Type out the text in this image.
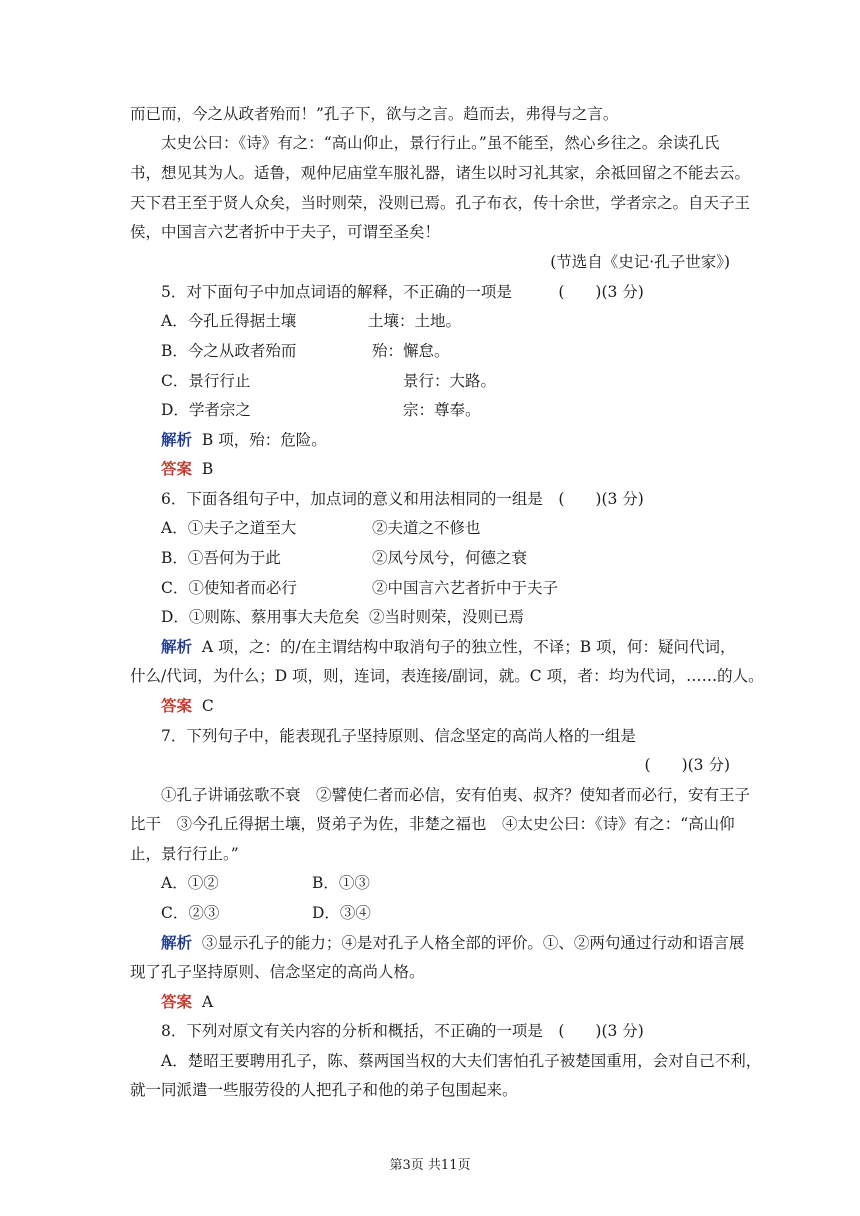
而已而，今之从政者殆而！”孔子下，欲与之言。趋而去，弗得与之言。
太史公曰：《诗》有之：“高山仰止，景行行止。”虽不能至，然心乡往之。余读孔氏
书，想见其为人。适鲁，观仲尼庙堂车服礼器，诸生以时习礼其家，余祗回留之不能去云。
天下君王至于贤人众矣，当时则荣，没则已焉。孔子布衣，传十余世，学者宗之。自天子王
侯，中国言六艺者折中于夫子，可谓至圣矣！
(节选自《史记·孔子世家》)
5．对下面句子中加点词语的解释，不正确的一项是　　　(　　)(3 分)
A．今孔丘得据土壤	土壤：土地。
B．今之从政者殆而	殆：懈怠。
C．景行行止	景行：大路。
D．学者宗之	宗：尊奉。
解析 B 项，殆：危险。
答案 B
6．下面各组句子中，加点词的意义和用法相同的一组是　(　　)(3 分)
A．①夫子之道至大	②夫道之不修也
B．①吾何为于此	②凤兮凤兮，何德之衰
C．①使知者而必行	②中国言六艺者折中于夫子
D．①则陈、蔡用事大夫危矣 ②当时则荣，没则已焉
解析 A 项，之：的/在主谓结构中取消句子的独立性，不译；B 项，何：疑问代词，
什么/代词，为什么；D 项，则，连词，表连接/副词，就。C 项，者：均为代词，……的人。
答案 C
7．下列句子中，能表现孔子坚持原则、信念坚定的高尚人格的一组是
(　　)(3 分)
①孔子讲诵弦歌不衰　②譬使仁者而必信，安有伯夷、叔齐？使知者而必行，安有王子
比干　③今孔丘得据土壤，贤弟子为佐，非楚之福也　④太史公曰：《诗》有之：“高山仰
止，景行行止。”
A．①②	B．①③
C．②③	D．③④
解析 ③显示孔子的能力；④是对孔子人格全部的评价。①、②两句通过行动和语言展
现了孔子坚持原则、信念坚定的高尚人格。
答案 A
8．下列对原文有关内容的分析和概括，不正确的一项是　(　　)(3 分)
A．楚昭王要聘用孔子，陈、蔡两国当权的大夫们害怕孔子被楚国重用，会对自己不利，
就一同派遣一些服劳役的人把孔子和他的弟子包围起来。
第3页 共11页
